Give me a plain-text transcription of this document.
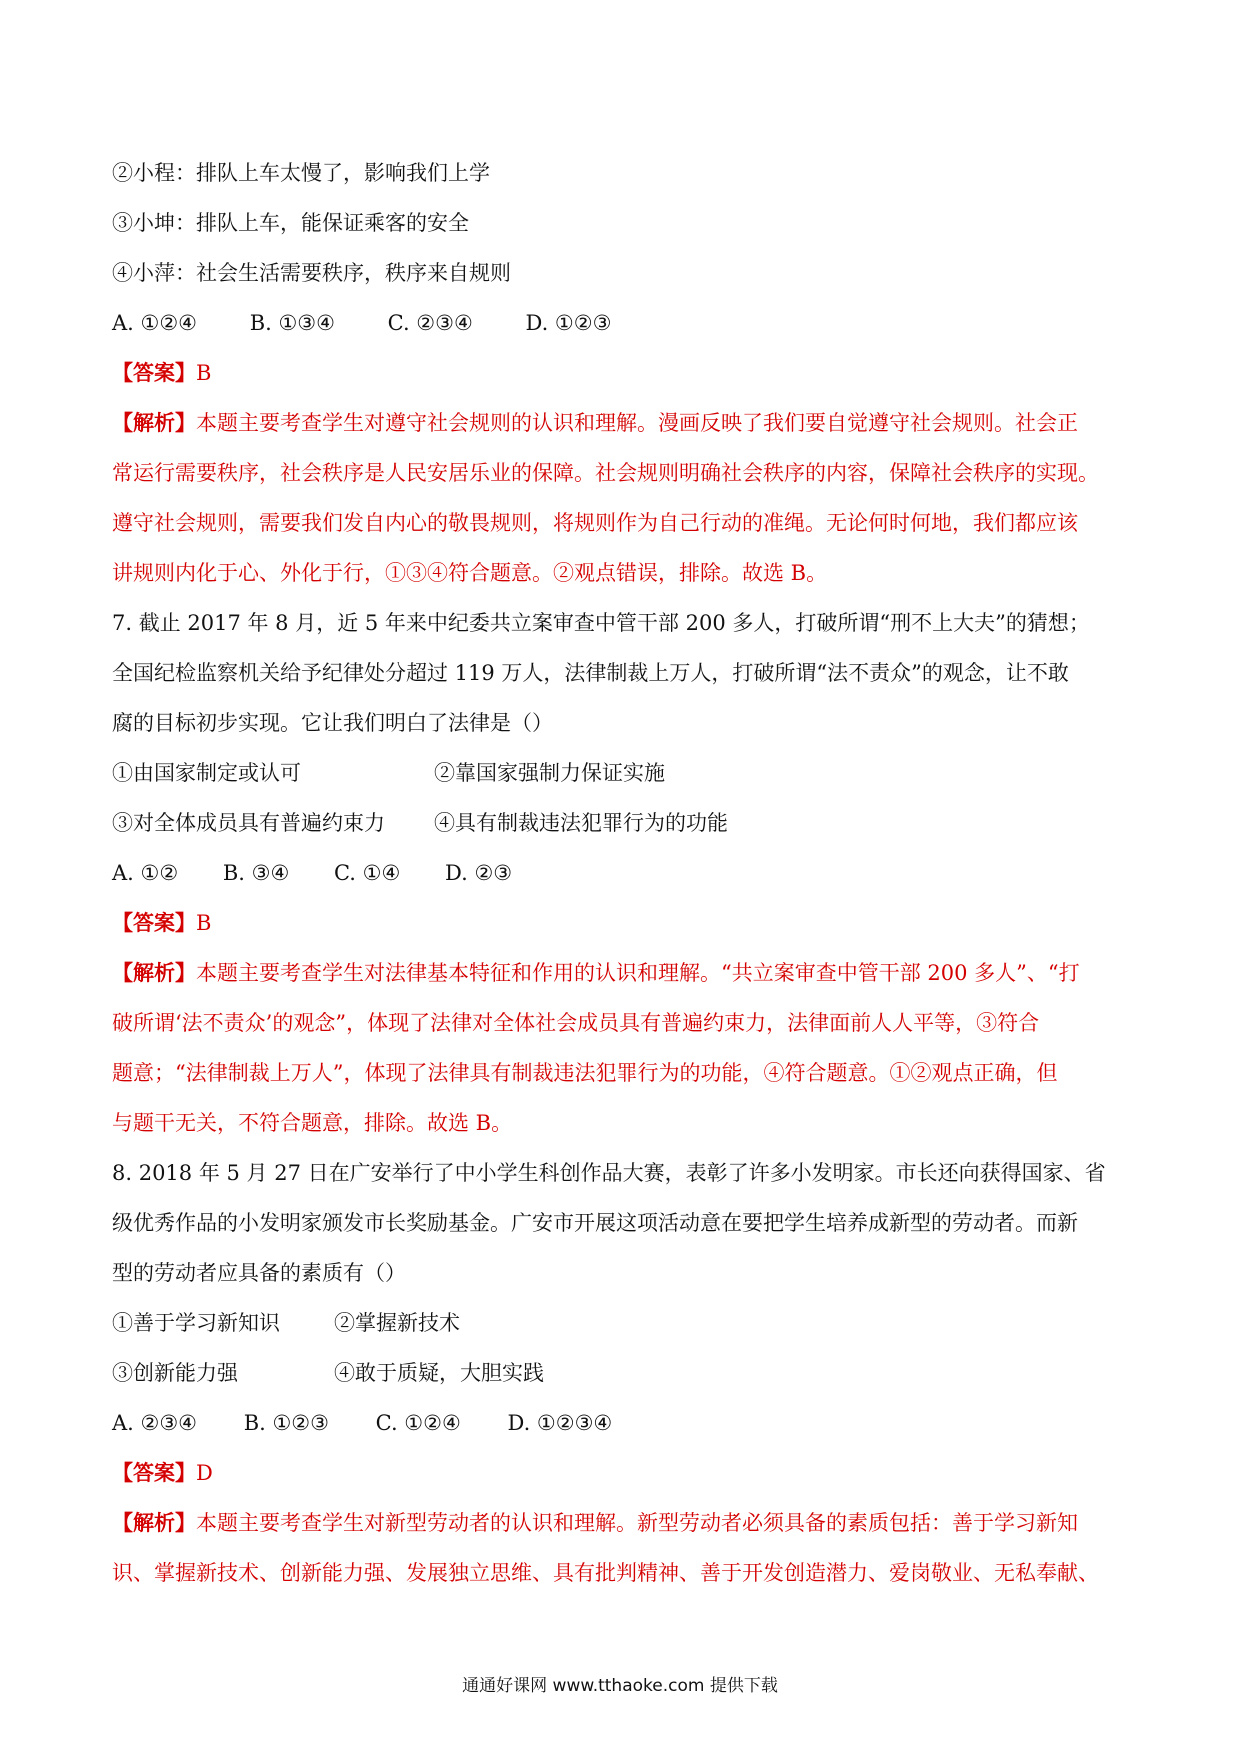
②小程：排队上车太慢了，影响我们上学
③小坤：排队上车，能保证乘客的安全
④小萍：社会生活需要秩序，秩序来自规则
A. ①②④	B. ①③④	C. ②③④	D. ①②③
【答案】B
【解析】本题主要考查学生对遵守社会规则的认识和理解。漫画反映了我们要自觉遵守社会规则。社会正
常运行需要秩序，社会秩序是人民安居乐业的保障。社会规则明确社会秩序的内容，保障社会秩序的实现。
遵守社会规则，需要我们发自内心的敬畏规则，将规则作为自己行动的准绳。无论何时何地，我们都应该
讲规则内化于心、外化于行，①③④符合题意。②观点错误，排除。故选 B。
7. 截止 2017 年 8 月，近 5 年来中纪委共立案审查中管干部 200 多人，打破所谓“刑不上大夫”的猜想；
全国纪检监察机关给予纪律处分超过 119 万人，法律制裁上万人，打破所谓“法不责众”的观念，让不敢
腐的目标初步实现。它让我们明白了法律是（）
①由国家制定或认可	②靠国家强制力保证实施
③对全体成员具有普遍约束力 ④具有制裁违法犯罪行为的功能
A. ①② B. ③④ C. ①④ D. ②③
【答案】B
【解析】本题主要考查学生对法律基本特征和作用的认识和理解。“共立案审查中管干部 200 多人”、“打
破所谓‘法不责众’的观念”，体现了法律对全体社会成员具有普遍约束力，法律面前人人平等，③符合
题意；“法律制裁上万人”，体现了法律具有制裁违法犯罪行为的功能，④符合题意。①②观点正确，但
与题干无关，不符合题意，排除。故选 B。
8. 2018 年 5 月 27 日在广安举行了中小学生科创作品大赛，表彰了许多小发明家。市长还向获得国家、省
级优秀作品的小发明家颁发市长奖励基金。广安市开展这项活动意在要把学生培养成新型的劳动者。而新
型的劳动者应具备的素质有（）
①善于学习新知识	②掌握新技术
③创新能力强	④敢于质疑，大胆实践
A. ②③④ B. ①②③ C. ①②④ D. ①②③④
【答案】D
【解析】本题主要考查学生对新型劳动者的认识和理解。新型劳动者必须具备的素质包括：善于学习新知
识、掌握新技术、创新能力强、发展独立思维、具有批判精神、善于开发创造潜力、爱岗敬业、无私奉献、
通通好课网 www.tthaoke.com 提供下载
